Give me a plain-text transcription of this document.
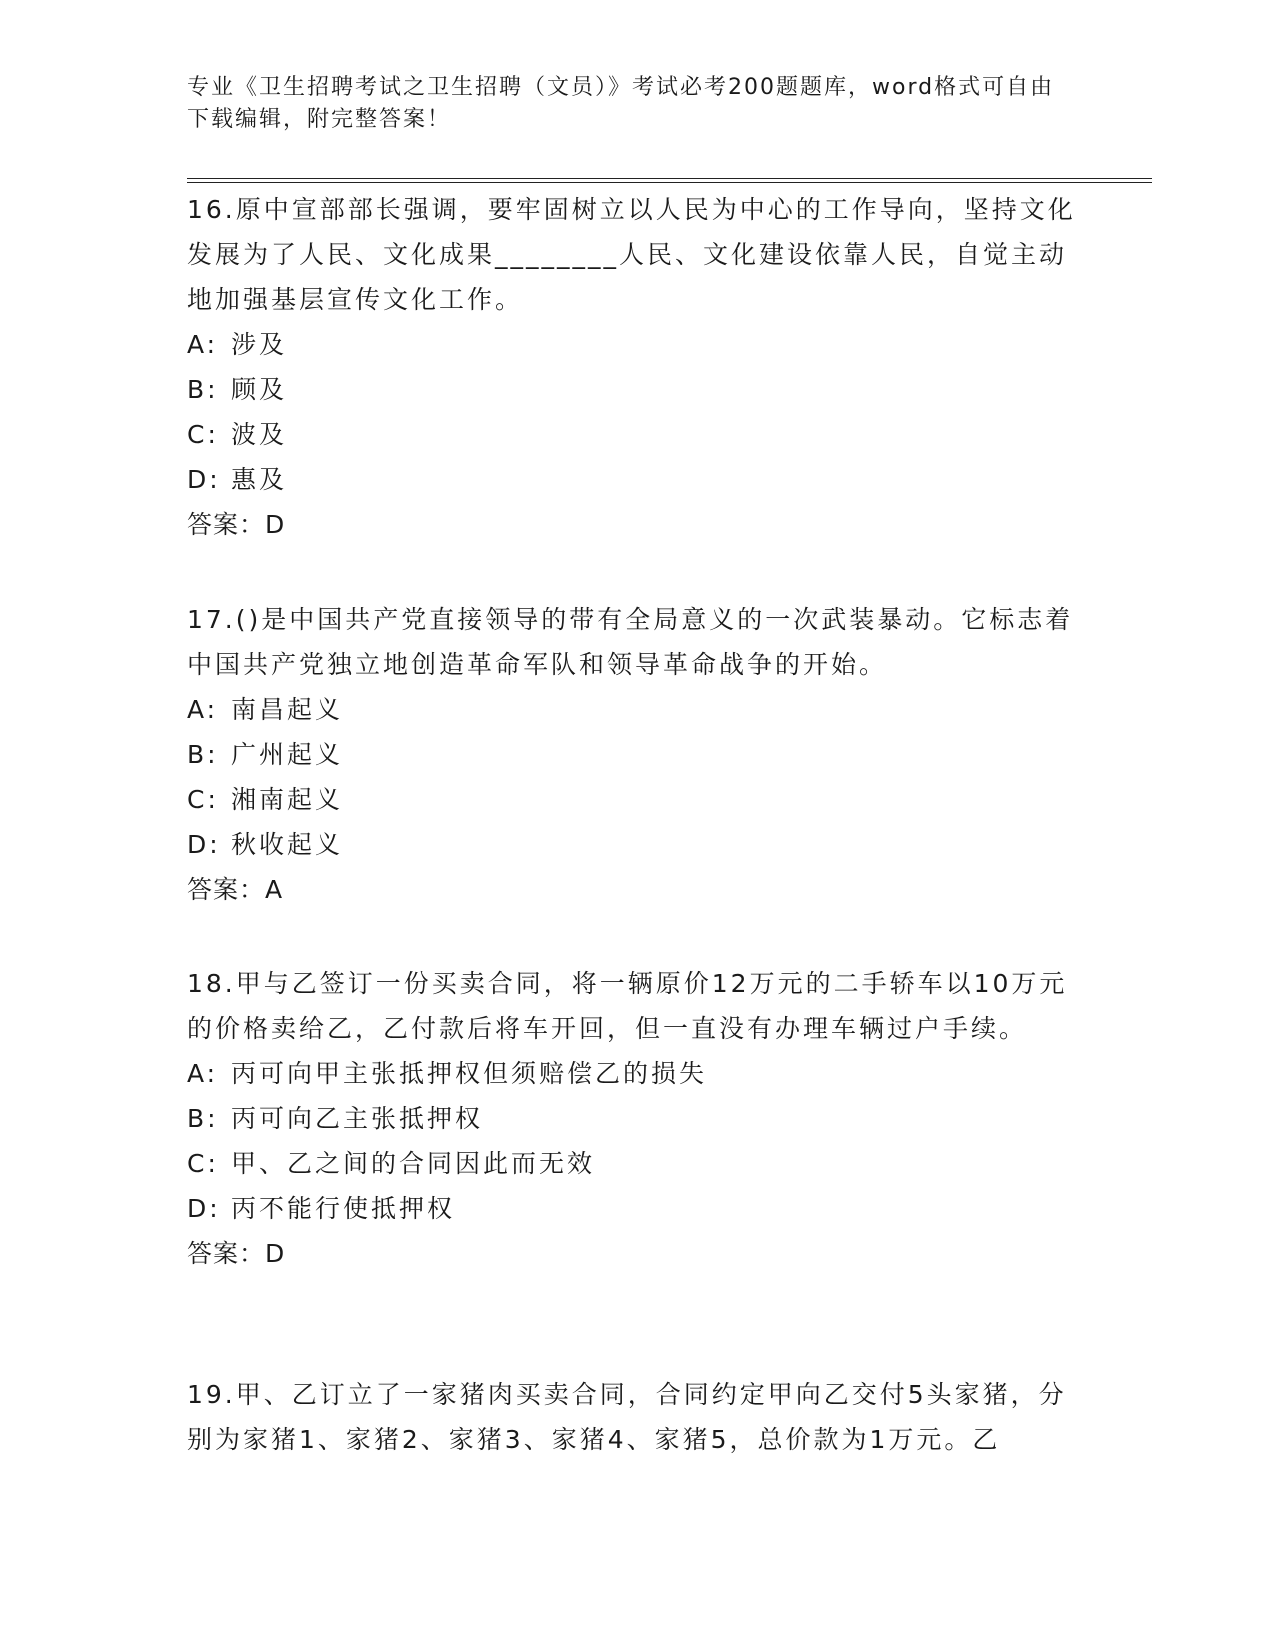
专业《卫生招聘考试之卫生招聘（文员）》考试必考200题题库，word格式可自由下载编辑，附完整答案！
16.原中宣部部长强调，要牢固树立以人民为中心的工作导向，坚持文化发展为了人民、文化成果________人民、文化建设依靠人民，自觉主动地加强基层宣传文化工作。
A: 涉及
B: 顾及
C: 波及
D: 惠及
答案：D
17.()是中国共产党直接领导的带有全局意义的一次武装暴动。它标志着中国共产党独立地创造革命军队和领导革命战争的开始。
A: 南昌起义
B: 广州起义
C: 湘南起义
D: 秋收起义
答案：A
18.甲与乙签订一份买卖合同，将一辆原价12万元的二手轿车以10万元的价格卖给乙，乙付款后将车开回，但一直没有办理车辆过户手续。
A: 丙可向甲主张抵押权但须赔偿乙的损失
B: 丙可向乙主张抵押权
C: 甲、乙之间的合同因此而无效
D: 丙不能行使抵押权
答案：D
19.甲、乙订立了一家猪肉买卖合同，合同约定甲向乙交付5头家猪，分别为家猪1、家猪2、家猪3、家猪4、家猪5，总价款为1万元。乙
